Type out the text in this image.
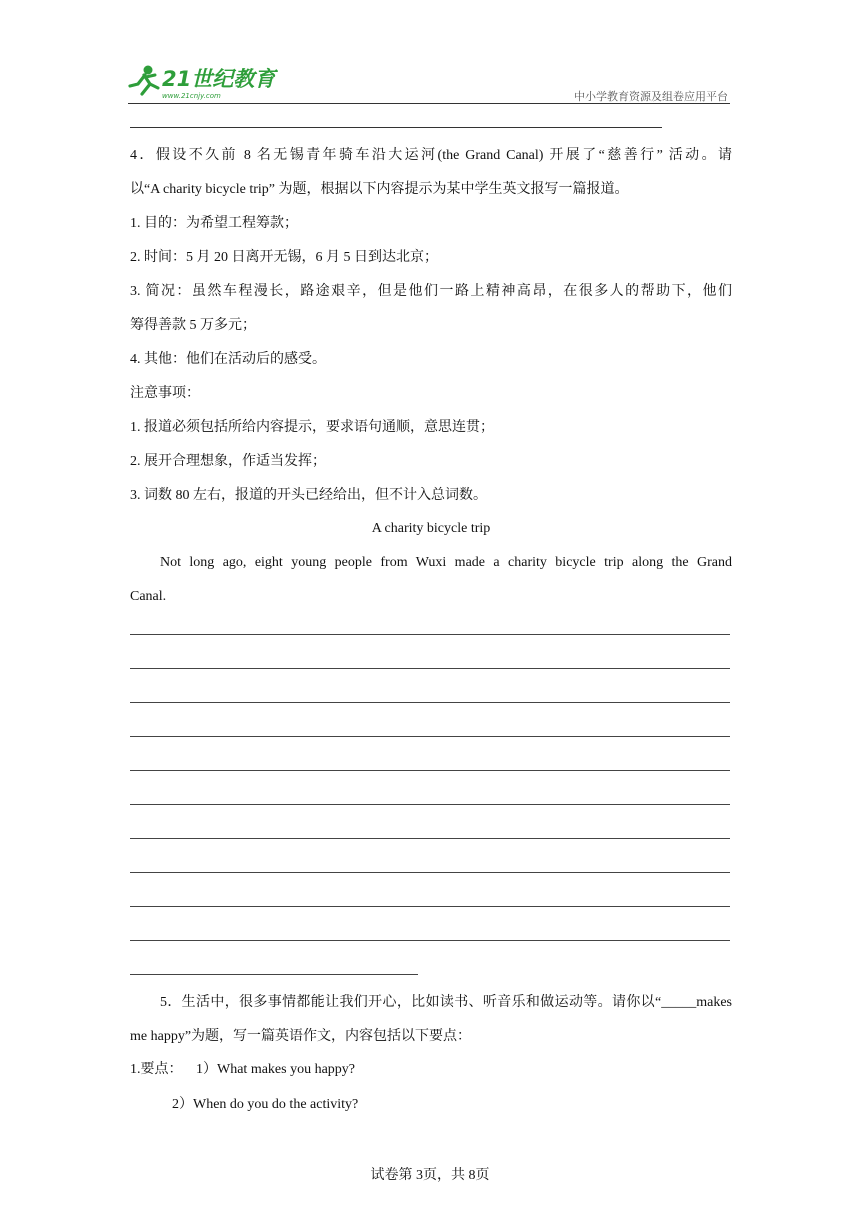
21世纪教育
www.21cnjy.com	中小学教育资源及组卷应用平台
4．假设不久前 8 名无锡青年骑车沿大运河(the Grand Canal) 开展了“慈善行” 活动。请
以“A charity bicycle trip” 为题，根据以下内容提示为某中学生英文报写一篇报道。
1. 目的：为希望工程筹款；
2. 时间：5 月 20 日离开无锡，6 月 5 日到达北京；
3. 简况：虽然车程漫长，路途艰辛，但是他们一路上精神高昂，在很多人的帮助下，他们
筹得善款 5 万多元；
4. 其他：他们在活动后的感受。
注意事项：
1. 报道必须包括所给内容提示，要求语句通顺，意思连贯；
2. 展开合理想象，作适当发挥；
3. 词数 80 左右，报道的开头已经给出，但不计入总词数。
A charity bicycle trip
Not long ago, eight young people from Wuxi made a charity bicycle trip along the Grand
Canal.
5．生活中，很多事情都能让我们开心，比如读书、听音乐和做运动等。请你以“_____makes
me happy”为题，写一篇英语作文，内容包括以下要点：
1.要点： 1）What makes you happy?
2）When do you do the activity?
试卷第 3页，共 8页
